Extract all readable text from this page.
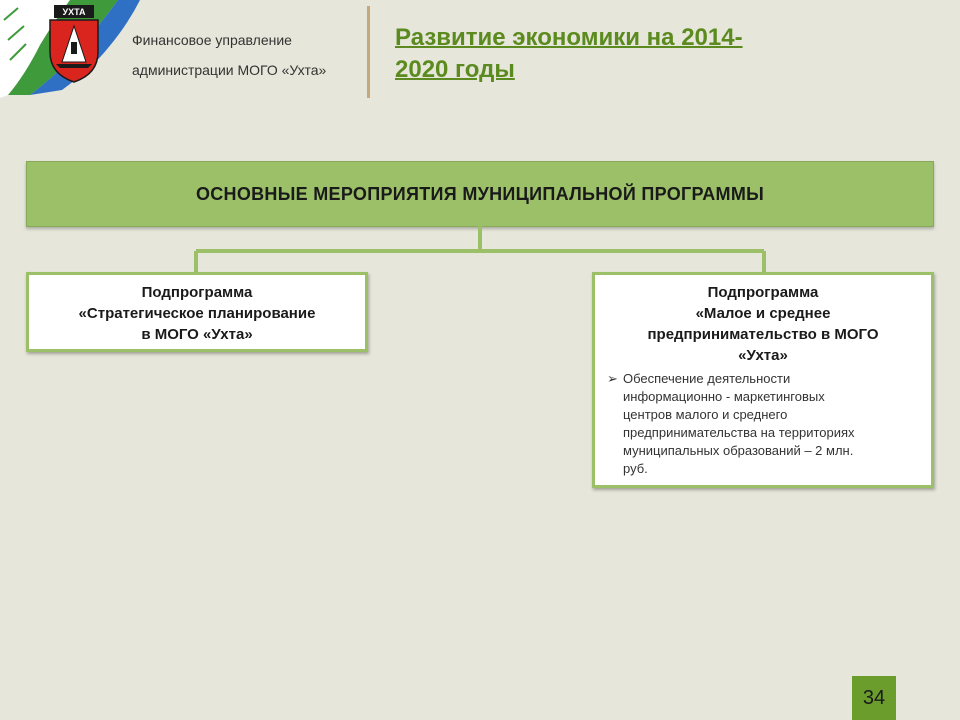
УХТА
Финансовое управление
администрации МОГО «Ухта»
Развитие экономики на 2014-
2020 годы
ОСНОВНЫЕ МЕРОПРИЯТИЯ МУНИЦИПАЛЬНОЙ ПРОГРАММЫ
Подпрограмма
«Стратегическое планирование
в МОГО «Ухта»
Подпрограмма
«Малое и среднее
предпринимательство в МОГО
«Ухта»
➢ Обеспечение деятельности
информационно - маркетинговых
центров малого и среднего
предпринимательства на территориях
муниципальных образований – 2 млн.
руб.
34
